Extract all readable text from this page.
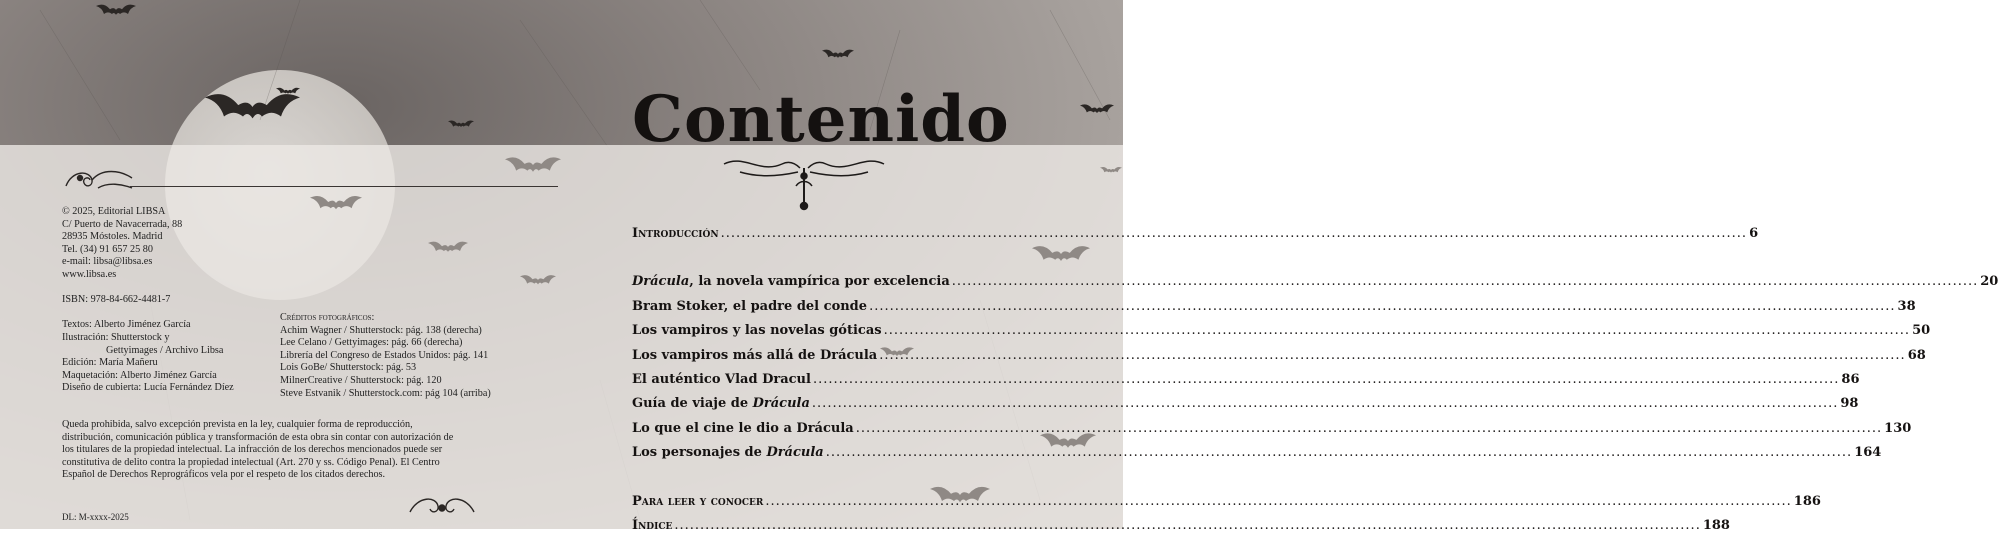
© 2025, Editorial LIBSA
C/ Puerto de Navacerrada, 88
28935 Móstoles. Madrid
Tel. (34) 91 657 25 80
e-mail: libsa@libsa.es
www.libsa.es
ISBN: 978-84-662-4481-7
Textos: Alberto Jiménez García
Ilustración: Shutterstock y
Gettyimages / Archivo Libsa
Edición: María Mañeru
Maquetación: Alberto Jiménez García
Diseño de cubierta: Lucía Fernández Díez
Créditos fotográficos:
Achim Wagner / Shutterstock: pág. 138 (derecha)
Lee Celano / Gettyimages: pág. 66 (derecha)
Librería del Congreso de Estados Unidos: pág. 141
Lois GoBe/ Shutterstock: pág. 53
MilnerCreative / Shutterstock: pág. 120
Steve Estvanik / Shutterstock.com: pág 104 (arriba)
Queda prohibida, salvo excepción prevista en la ley, cualquier forma de reproducción, distribución, comunicación pública y transformación de esta obra sin contar con autorización de los titulares de la propiedad intelectual. La infracción de los derechos mencionados puede ser constitutiva de delito contra la propiedad intelectual (Art. 270 y ss. Código Penal). El Centro Español de Derechos Reprográficos vela por el respeto de los citados derechos.
DL: M-xxxx-2025
Contenido
Introducción ........................................................................................................................................................................................................ 6
Drácula, la novela vampírica por excelencia ........................................................................................................................................................................................................ 20
Bram Stoker, el padre del conde ........................................................................................................................................................................................................ 38
Los vampiros y las novelas góticas ........................................................................................................................................................................................................ 50
Los vampiros más allá de Drácula ........................................................................................................................................................................................................ 68
El auténtico Vlad Dracul ........................................................................................................................................................................................................ 86
Guía de viaje de Drácula ........................................................................................................................................................................................................ 98
Lo que el cine le dio a Drácula ........................................................................................................................................................................................................ 130
Los personajes de Drácula ........................................................................................................................................................................................................ 164
Para leer y conocer ........................................................................................................................................................................................................ 186
Índice ........................................................................................................................................................................................................ 188
